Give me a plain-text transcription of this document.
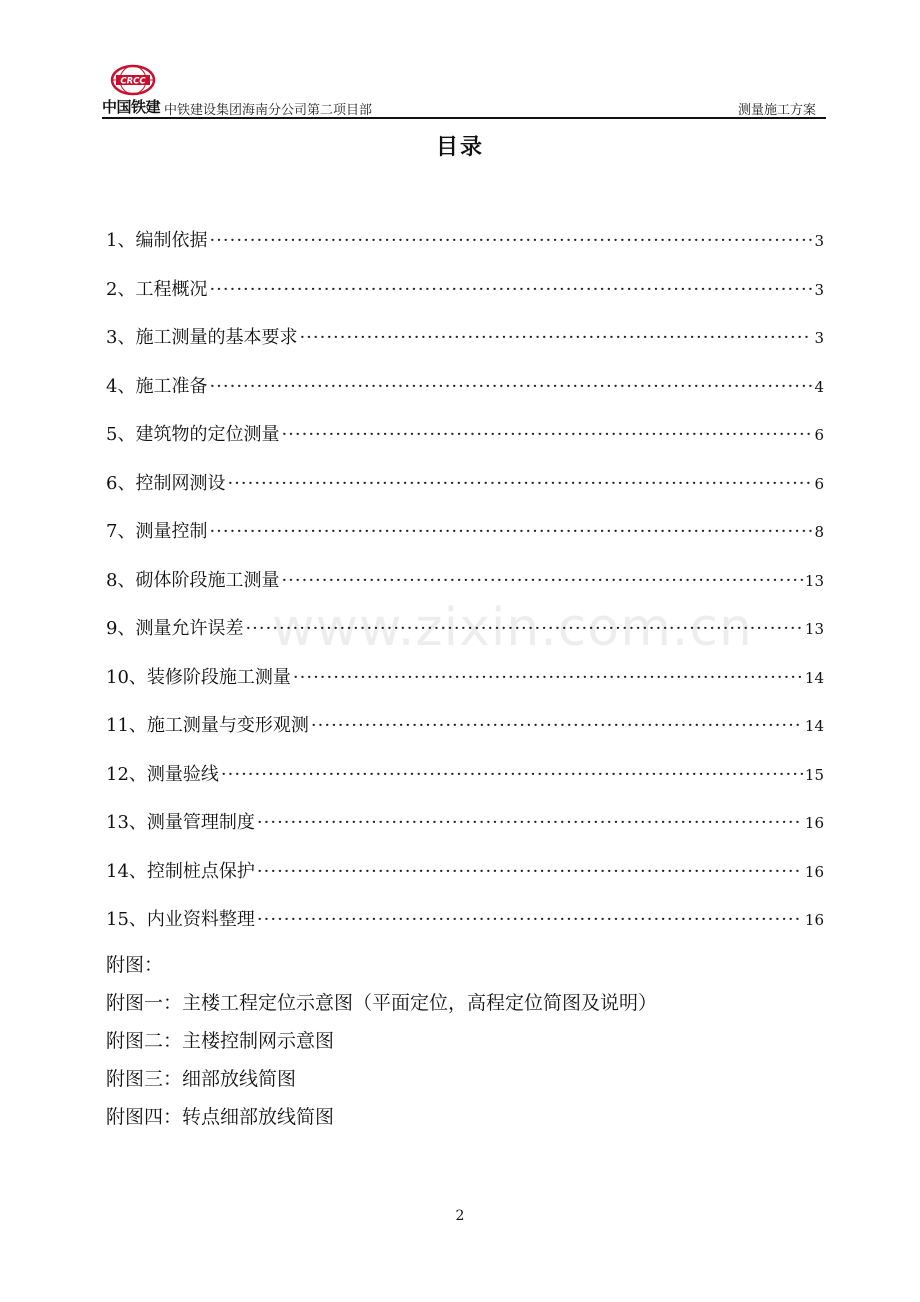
CRCC
中国铁建 中铁建设集团海南分公司第二项目部	测量施工方案
目录
1、编制依据 ·····	3
2、工程概况 ·····	3
3、施工测量的基本要求 ·····	3
4、施工准备 ·····	4
5、建筑物的定位测量 ·····	6
6、控制网测设 ·····	6
7、测量控制 ·····	8
8、砌体阶段施工测量 ·····	13
9、测量允许误差 ·····	13
10、装修阶段施工测量 ·····	14
11、施工测量与变形观测 ·····	14
12、测量验线 ·····	15
13、测量管理制度 ·····	16
14、控制桩点保护 ·····	16
15、内业资料整理 ·····	16
附图：
附图一：主楼工程定位示意图（平面定位，高程定位简图及说明）
附图二：主楼控制网示意图
附图三：细部放线简图
附图四：转点细部放线简图
www.zixin.com.cn
2
